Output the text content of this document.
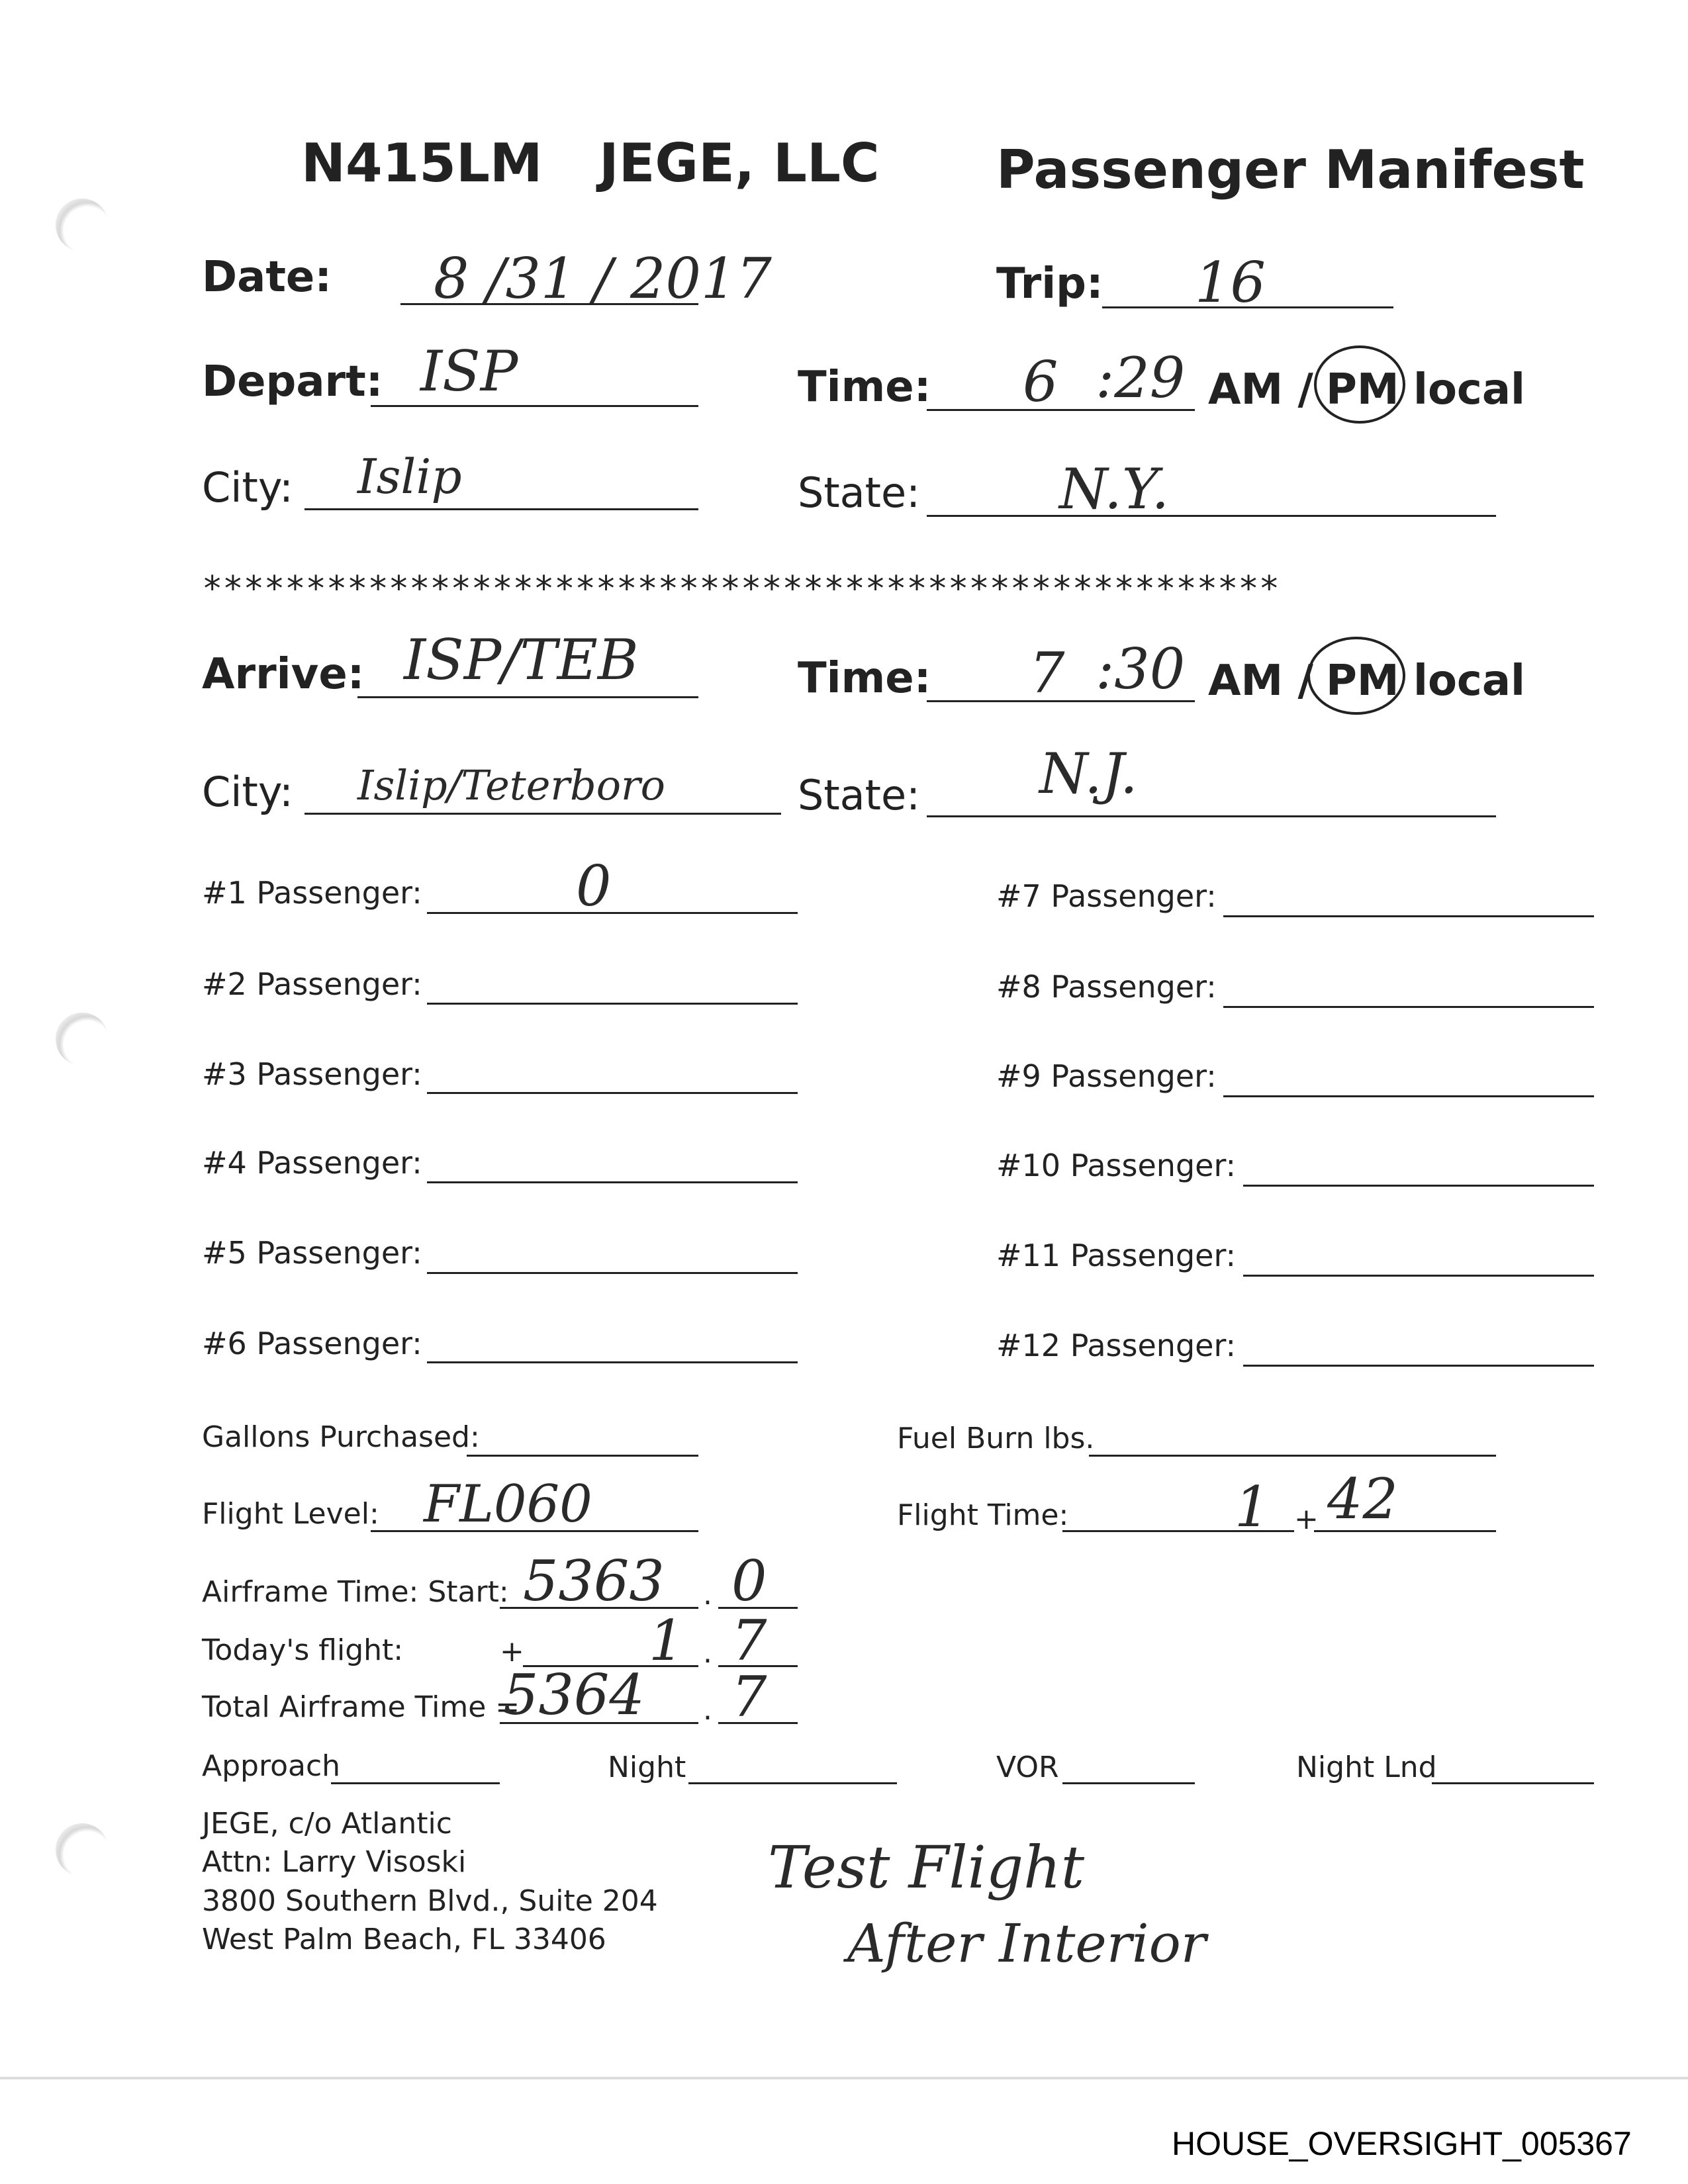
N415LM JEGE, LLC Passenger Manifest
Date: 8 /31 / 2017	Trip: 16
Depart: ISP	Time: 6 :29 AM / PM local
City: Islip	State: N.Y.
****************************************************
Arrive: ISP/TEB	Time: 7 :30 AM / PM local
City: Islip/Teterboro	State: N.J.
#1 Passenger:	0
#2 Passenger:
#3 Passenger:
#4 Passenger:
#5 Passenger:
#6 Passenger:
#7 Passenger:
#8 Passenger:
#9 Passenger:
#10 Passenger:
#11 Passenger:
#12 Passenger:
Gallons Purchased:	Fuel Burn lbs.
Flight Level: FL060	Flight Time:	1 + 42
Airframe Time: Start: 5363 . 0
Today's flight:	+ 1 . 7
Total Airframe Time =
5364 . 7
Approach	Night	VOR	Night Lnd
JEGE, c/o Atlantic
Attn: Larry Visoski
3800 Southern Blvd., Suite 204
West Palm Beach, FL 33406
Test Flight
After Interior
HOUSE_OVERSIGHT_005367
